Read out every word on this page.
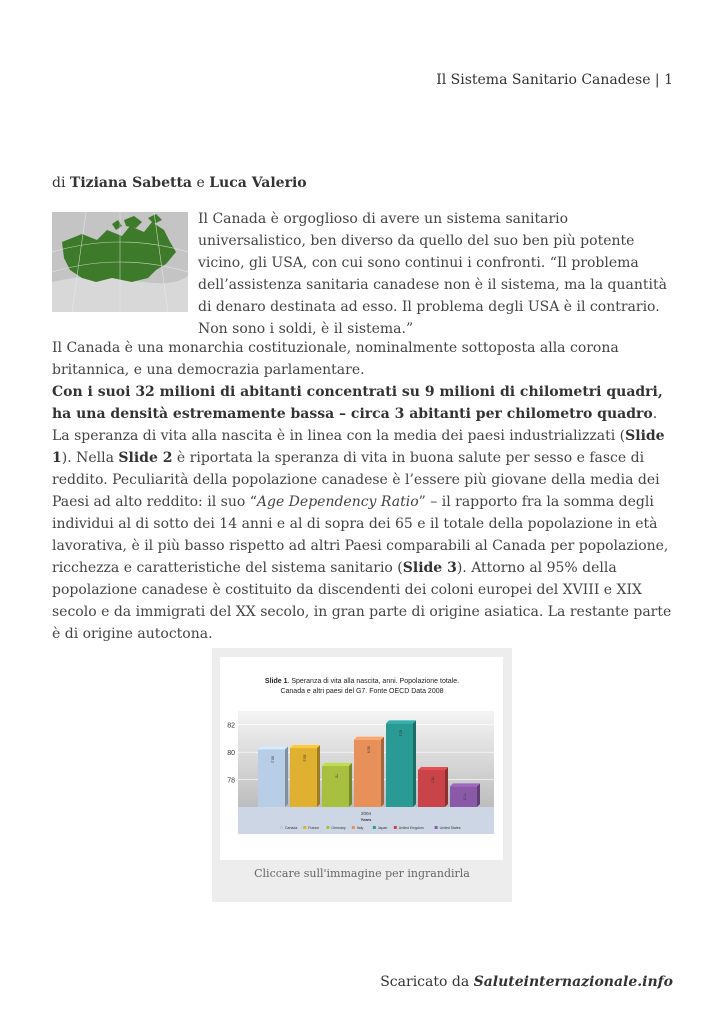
Il Sistema Sanitario Canadese | 1
di Tiziana Sabetta e Luca Valerio
Il Canada è orgoglioso di avere un sistema sanitario universalistico, ben diverso da quello del suo ben più potente vicino, gli USA, con cui sono continui i confronti. “Il problema dell’assistenza sanitaria canadese non è il sistema, ma la quantità di denaro destinata ad esso. Il problema degli USA è il contrario. Non sono i soldi, è il sistema.”

Il Canada è una monarchia costituzionale, nominalmente sottoposta alla corona britannica, e una democrazia parlamentare.

Con i suoi 32 milioni di abitanti concentrati su 9 milioni di chilometri quadri, ha una densità estremamente bassa – circa 3 abitanti per chilometro quadro.

La speranza di vita alla nascita è in linea con la media dei paesi industrializzati (Slide 1). Nella Slide 2 è riportata la speranza di vita in buona salute per sesso e fasce di reddito. Peculiarità della popolazione canadese è l’essere più giovane della media dei Paesi ad alto reddito: il suo “Age Dependency Ratio” – il rapporto fra la somma degli individui al di sotto dei 14 anni e al di sopra dei 65 e il totale della popolazione in età lavorativa, è il più basso rispetto ad altri Paesi comparabili al Canada per popolazione, ricchezza e caratteristiche del sistema sanitario (Slide 3). Attorno al 95% della popolazione canadese è costituito da discendenti dei coloni europei del XVIII e XIX secolo e da immigrati del XX secolo, in gran parte di origine asiatica. La restante parte è di origine autoctona.

Slide 1. Speranza di vita alla nascita, anni. Popolazione totale.
Canada e altri paesi del G7. Fonte OECD Data 2008
78
80
82
80.2	80.3
79
80.9
82.1
78.7
77.5
2004
Years
Canada	France	Germany	Italy	Japan	United Kingdom	United States
Cliccare sull'immagine per ingrandirla
Scaricato da Saluteinternazionale.info
